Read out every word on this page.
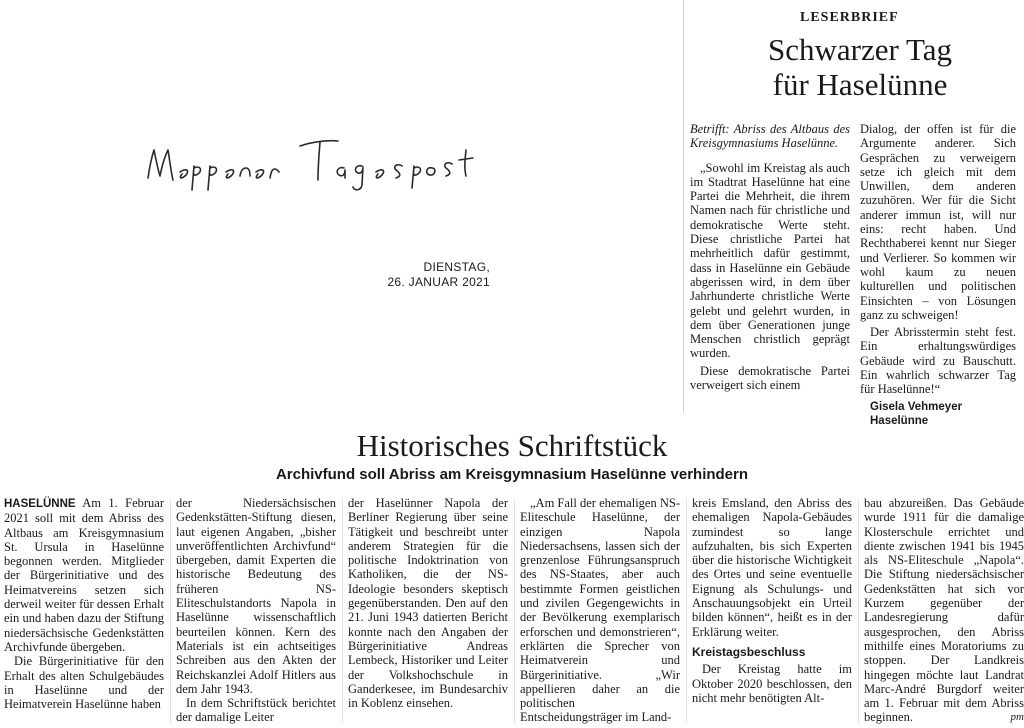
DIENSTAG,
26. JANUAR 2021
LESERBRIEF
Schwarzer Tag
für Haselünne

Betrifft: Abriss des Altbaus des Kreisgymnasiums Haselünne.

„Sowohl im Kreistag als auch im Stadtrat Haselünne hat eine Partei die Mehrheit, die ihrem Namen nach für christliche und demokratische Werte steht. Diese christliche Partei hat mehrheitlich dafür gestimmt, dass in Haselünne ein Gebäude abgerissen wird, in dem über Jahrhunderte christliche Werte gelebt und gelehrt wurden, in dem über Generationen junge Menschen christlich geprägt wurden.

Diese demokratische Partei verweigert sich einem

Dialog, der offen ist für die Argumente anderer. Sich Gesprächen zu verweigern setze ich gleich mit dem Unwillen, dem anderen zuzuhören. Wer für die Sicht anderer immun ist, will nur eins: recht haben. Und Rechthaberei kennt nur Sieger und Verlierer. So kommen wir wohl kaum zu neuen kulturellen und politischen Einsichten – von Lösungen ganz zu schweigen!

Der Abrisstermin steht fest. Ein erhaltungswürdiges Gebäude wird zu Bauschutt. Ein wahrlich schwarzer Tag für Haselünne!“

Gisela Vehmeyer
Haselünne
Historisches Schriftstück
Archivfund soll Abriss am Kreisgymnasium Haselünne verhindern

HASELÜNNE Am 1. Februar 2021 soll mit dem Abriss des Altbaus am Kreisgymnasium St. Ursula in Haselünne begonnen werden. Mitglieder der Bürgerinitiative und des Heimatvereins setzen sich derweil weiter für dessen Erhalt ein und haben dazu der Stiftung niedersächsische Gedenkstätten Archivfunde übergeben.

Die Bürgerinitiative für den Erhalt des alten Schulgebäudes in Haselünne und der Heimatverein Haselünne haben

der Niedersächsischen Gedenkstätten-Stiftung diesen, laut eigenen Angaben, „bisher unveröffentlichten Archivfund“ übergeben, damit Experten die historische Bedeutung des früheren NS-Eliteschulstandorts Napola in Haselünne wissenschaftlich beurteilen können. Kern des Materials ist ein achtseitiges Schreiben aus den Akten der Reichskanzlei Adolf Hitlers aus dem Jahr 1943.

In dem Schriftstück berichtet der damalige Leiter

der Haselünner Napola der Berliner Regierung über seine Tätigkeit und beschreibt unter anderem Strategien für die politische Indoktrination von Katholiken, die der NS-Ideologie besonders skeptisch gegenüberstanden. Den auf den 21. Juni 1943 datierten Bericht konnte nach den Angaben der Bürgerinitiative Andreas Lembeck, Historiker und Leiter der Volkshochschule in Ganderkesee, im Bundesarchiv in Koblenz einsehen.

„Am Fall der ehemaligen NS-Eliteschule Haselünne, der einzigen Napola Niedersachsens, lassen sich der grenzenlose Führungsanspruch des NS-Staates, aber auch bestimmte Formen geistlichen und zivilen Gegengewichts in der Bevölkerung exemplarisch erforschen und demonstrieren“, erklärten die Sprecher von Heimatverein und Bürgerinitiative. „Wir appellieren daher an die politischen Entscheidungsträger im Land-

kreis Emsland, den Abriss des ehemaligen Napola-Gebäudes zumindest so lange aufzuhalten, bis sich Experten über die historische Wichtigkeit des Ortes und seine eventuelle Eignung als Schulungs- und Anschauungsobjekt ein Urteil bilden können“, heißt es in der Erklärung weiter.

Kreistagsbeschluss

Der Kreistag hatte im Oktober 2020 beschlossen, den nicht mehr benötigten Alt-

bau abzureißen. Das Gebäude wurde 1911 für die damalige Klosterschule errichtet und diente zwischen 1941 bis 1945 als NS-Eliteschule „Napola“. Die Stiftung niedersächsischer Gedenkstätten hat sich vor Kurzem gegenüber der Landesregierung dafür ausgesprochen, den Abriss mithilfe eines Moratoriums zu stoppen. Der Landkreis hingegen möchte laut Landrat Marc-André Burgdorf weiter am 1. Februar mit dem Abriss beginnen.	pm
